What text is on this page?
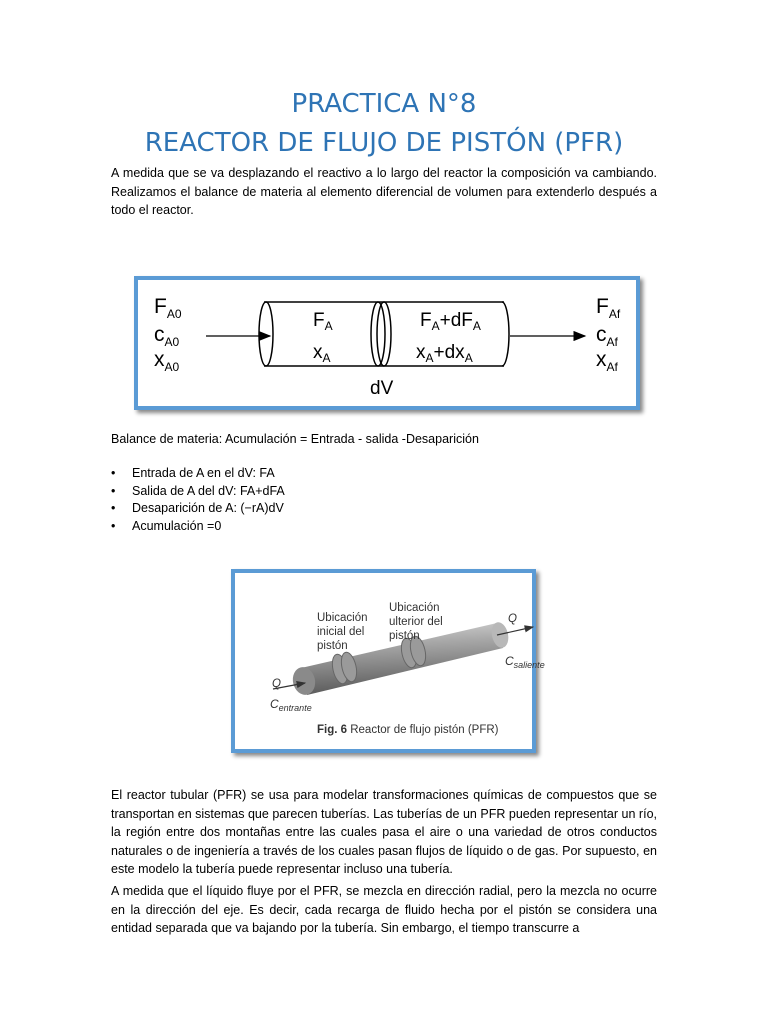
PRACTICA N°8
REACTOR DE FLUJO DE PISTÓN (PFR)

A medida que se va desplazando el reactivo a lo largo del reactor la composición va cambiando. Realizamos el balance de materia al elemento diferencial de volumen para extenderlo después a todo el reactor.

$F_{A0}$
$c_{A0}$
$x_{A0}$
$F_A$
$x_A$
$F_A+dF_A$
$x_A+dx_A$
$F_{Af}$
$c_{Af}$
$x_{Af}$
dV

Balance de materia: Acumulación = Entrada - salida -Desaparición

• Entrada de A en el dV: FA
• Salida de A del dV: FA+dFA
• Desaparición de A: (−rA)dV
• Acumulación =0
Ubicación inicial del pistón
Ubicación ulterior del pistón
Q
$C_{entrante}$
Q
$C_{saliente}$
Fig. 6 Reactor de flujo pistón (PFR)

El reactor tubular (PFR) se usa para modelar transformaciones químicas de compuestos que se transportan en sistemas que parecen tuberías. Las tuberías de un PFR pueden representar un río, la región entre dos montañas entre las cuales pasa el aire o una variedad de otros conductos naturales o de ingeniería a través de los cuales pasan flujos de líquido o de gas. Por supuesto, en este modelo la tubería puede representar incluso una tubería.

A medida que el líquido fluye por el PFR, se mezcla en dirección radial, pero la mezcla no ocurre en la dirección del eje. Es decir, cada recarga de fluido hecha por el pistón se considera una entidad separada que va bajando por la tubería. Sin embargo, el tiempo transcurre a
